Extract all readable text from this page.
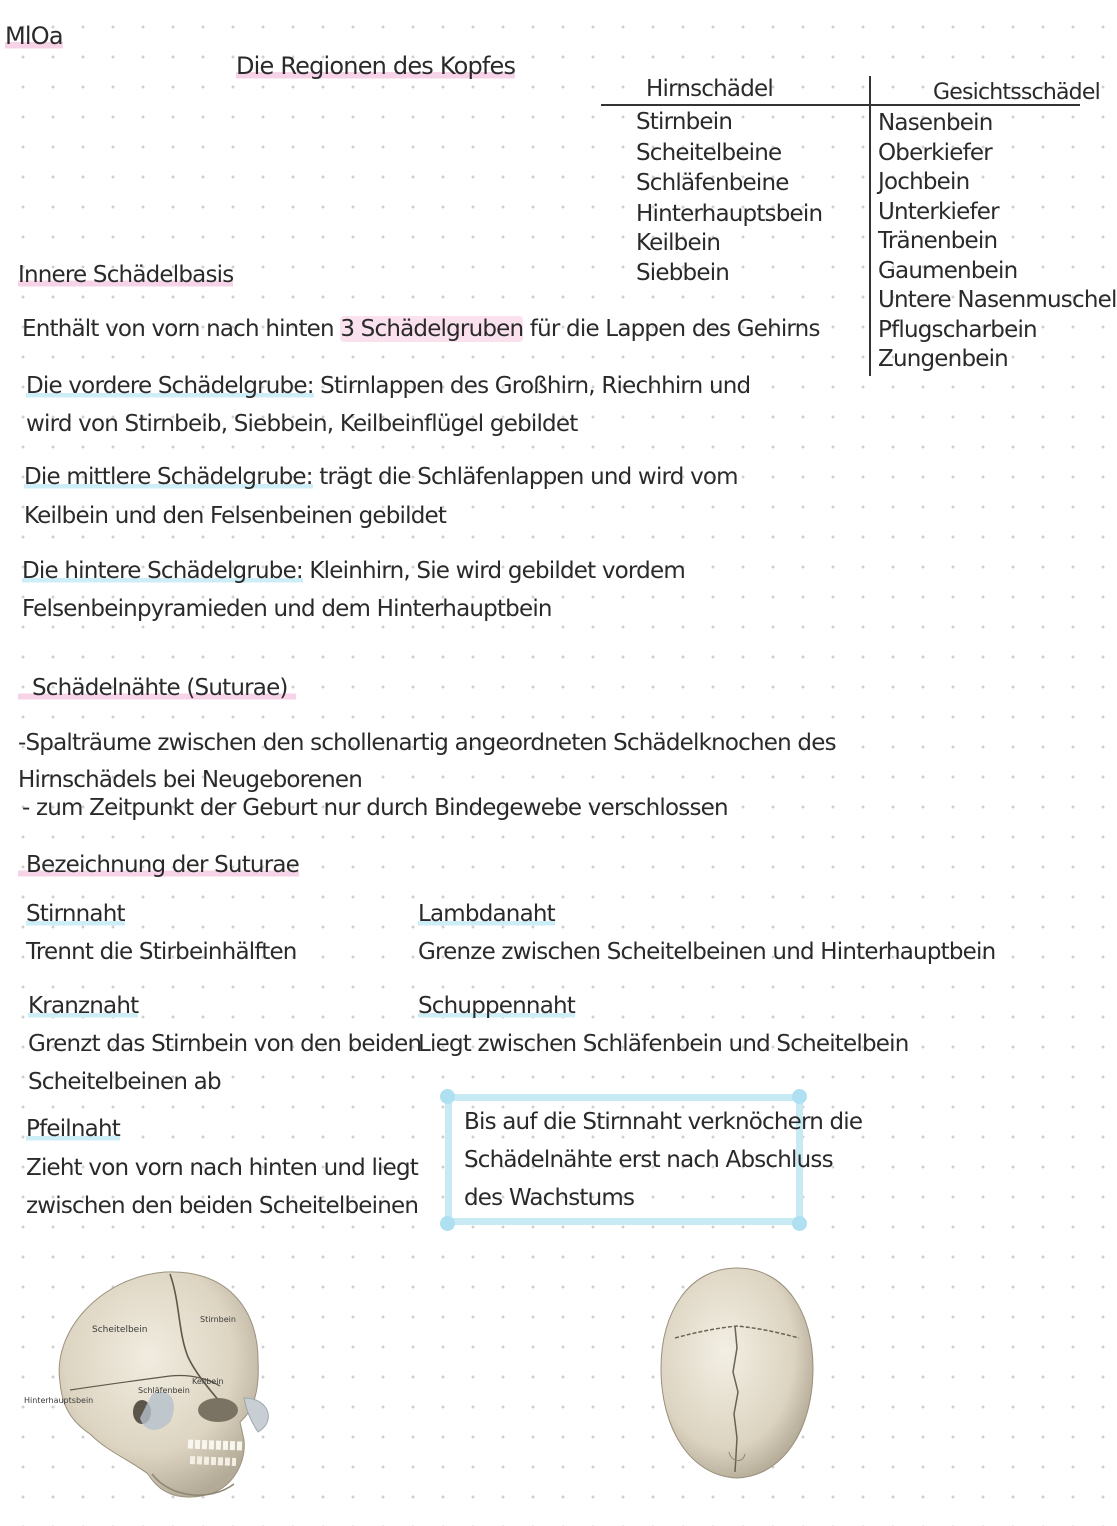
MlOa
Die Regionen des Kopfes
Hirnschädel	Gesichtsschädel
Stirnbein
Scheitelbeine
Schläfenbeine
Hinterhauptsbein
Keilbein
Siebbein
Nasenbein
Oberkiefer
Jochbein
Unterkiefer
Tränenbein
Gaumenbein
Untere Nasenmuschel
Pflugscharbein
Zungenbein
Innere Schädelbasis
Enthält von vorn nach hinten 3 Schädelgruben für die Lappen des Gehirns
Die vordere Schädelgrube: Stirnlappen des Großhirn, Riechhirn und
wird von Stirnbeib, Siebbein, Keilbeinflügel gebildet
Die mittlere Schädelgrube: trägt die Schläfenlappen und wird vom
Keilbein und den Felsenbeinen gebildet
Die hintere Schädelgrube: Kleinhirn, Sie wird gebildet vordem
Felsenbeinpyramieden und dem Hinterhauptbein
Schädelnähte (Suturae)
-Spalträume zwischen den schollenartig angeordneten Schädelknochen des
Hirnschädels bei Neugeborenen
- zum Zeitpunkt der Geburt nur durch Bindegewebe verschlossen
Bezeichnung der Suturae
Stirnnaht
Trennt die Stirbeinhälften
Kranznaht
Grenzt das Stirnbein von den beiden
Scheitelbeinen ab
Pfeilnaht
Zieht von vorn nach hinten und liegt
zwischen den beiden Scheitelbeinen
Lambdanaht
Grenze zwischen Scheitelbeinen und Hinterhauptbein
Schuppennaht
Liegt zwischen Schläfenbein und Scheitelbein
Bis auf die Stirnnaht verknöchern die
Schädelnähte erst nach Abschluss
des Wachstums
Scheitelbein
Stirnbein
Keilbein
Schläfenbein
Hinterhauptsbein
